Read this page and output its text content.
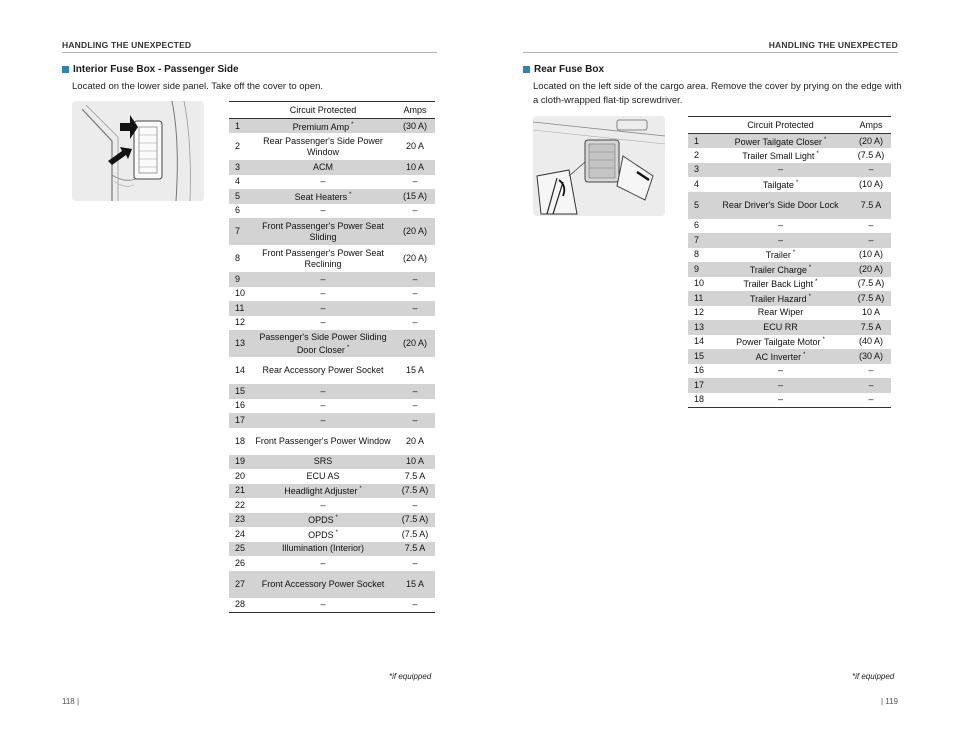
HANDLING THE UNEXPECTED
Interior Fuse Box - Passenger Side
Located on the lower side panel. Take off the cover to open.
	Circuit Protected	Amps
1	Premium Amp *	(30 A)
2	Rear Passenger's Side Power Window	20 A
3	ACM	10 A
4	–	–
5	Seat Heaters *	(15 A)
6	–	–
7	Front Passenger's Power Seat Sliding	(20 A)
8	Front Passenger's Power Seat Reclining	(20 A)
9	–	–
10	–	–
11	–	–
12	–	–
13	Passenger's Side Power Sliding Door Closer *	(20 A)
14	Rear Accessory Power Socket	15 A
15	–	–
16	–	–
17	–	–
18	Front Passenger's Power Window	20 A
19	SRS	10 A
20	ECU AS	7.5 A
21	Headlight Adjuster *	(7.5 A)
22	–	–
23	OPDS *	(7.5 A)
24	OPDS *	(7.5 A)
25	Illumination (Interior)	7.5 A
26	–	–
27	Front Accessory Power Socket	15 A
28	–	–
*if equipped
118 |
HANDLING THE UNEXPECTED
Rear Fuse Box
Located on the left side of the cargo area. Remove the cover by prying on the edge with a cloth-wrapped flat-tip screwdriver.
	Circuit Protected	Amps
1	Power Tailgate Closer *	(20 A)
2	Trailer Small Light *	(7.5 A)
3	–	–
4	Tailgate *	(10 A)
5	Rear Driver's Side Door Lock	7.5 A
6	–	–
7	–	–
8	Trailer *	(10 A)
9	Trailer Charge *	(20 A)
10	Trailer Back Light *	(7.5 A)
11	Trailer Hazard *	(7.5 A)
12	Rear Wiper	10 A
13	ECU RR	7.5 A
14	Power Tailgate Motor *	(40 A)
15	AC Inverter *	(30 A)
16	–	–
17	–	–
18	–	–
*if equipped
| 119
